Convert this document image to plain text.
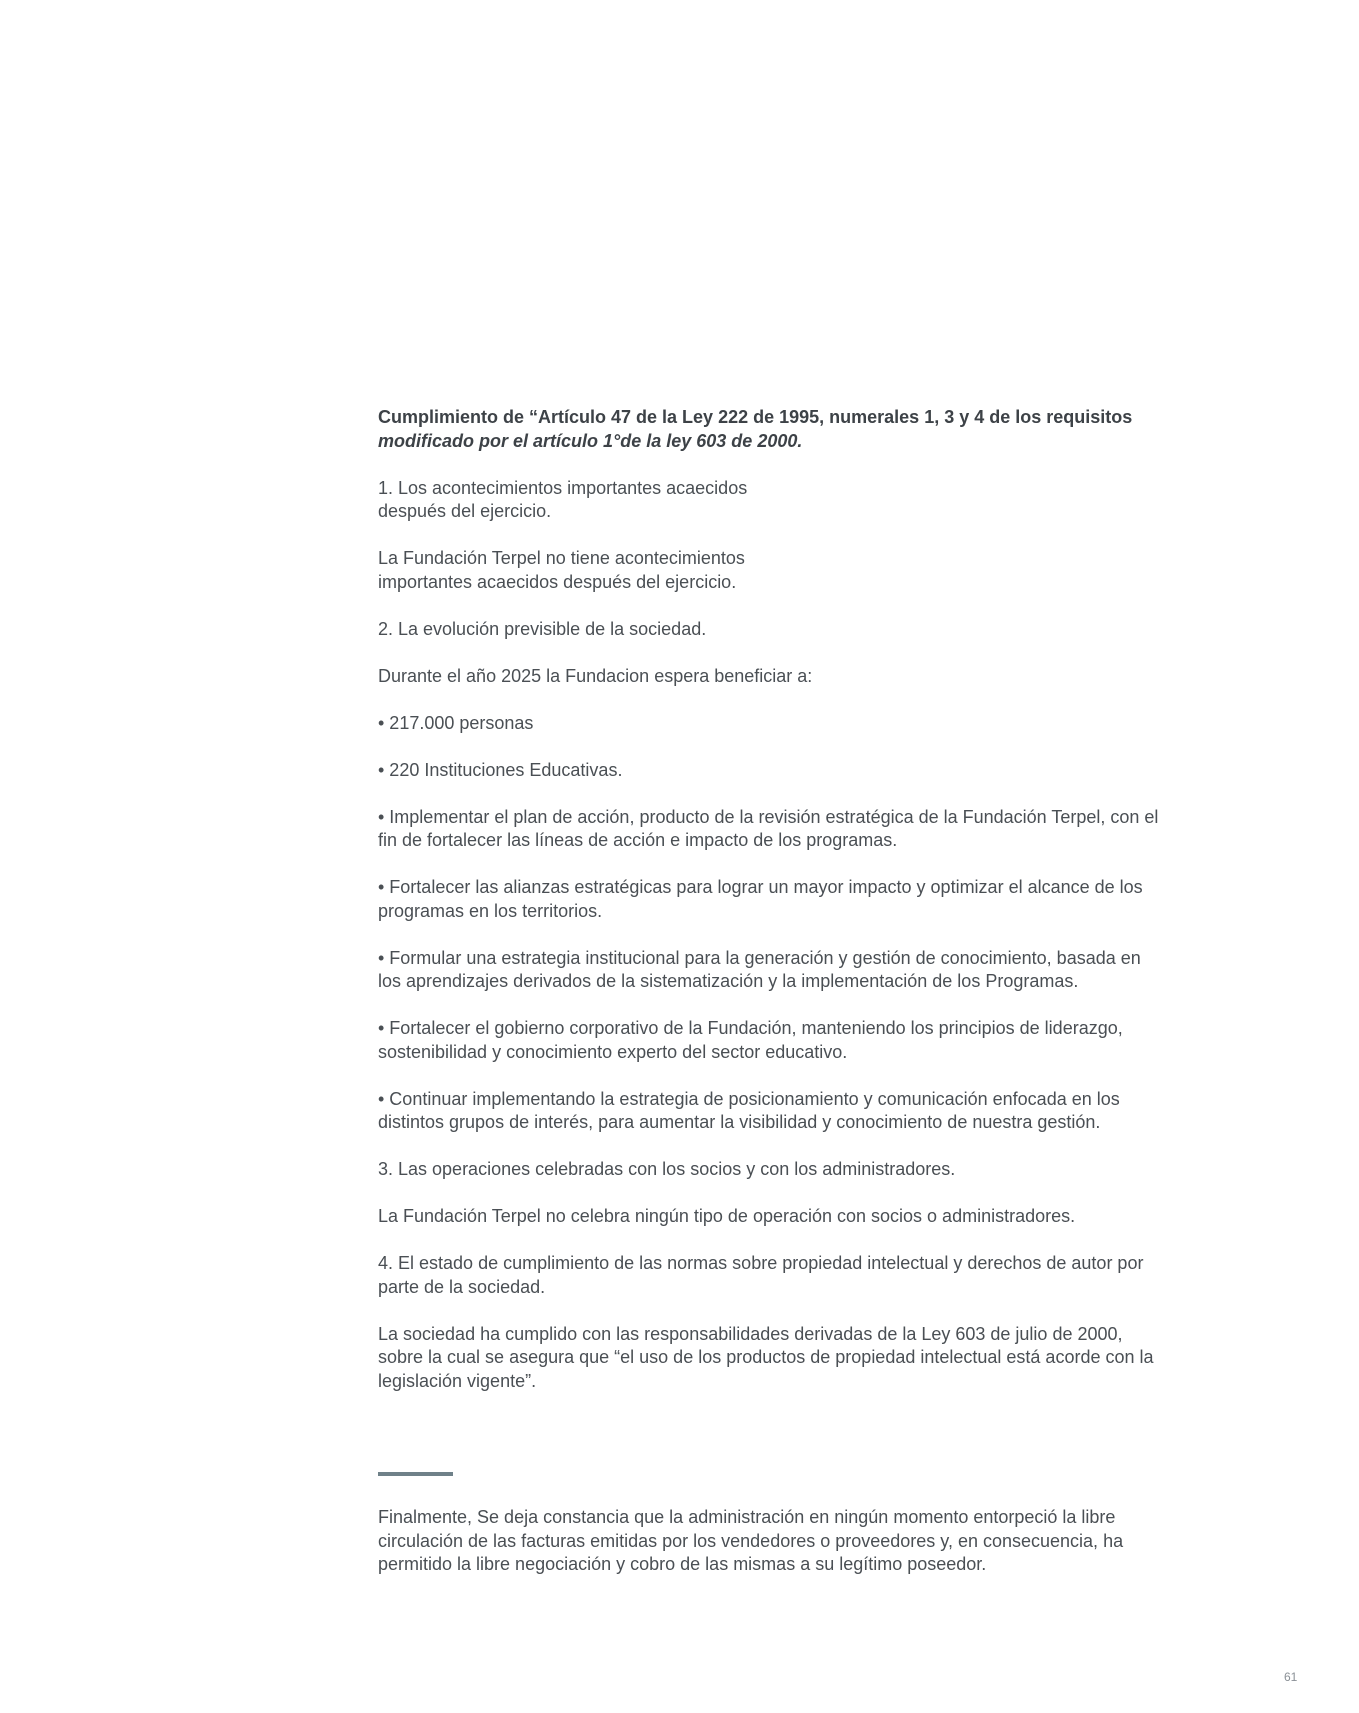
Cumplimiento de “Artículo 47 de la Ley 222 de 1995, numerales 1, 3 y 4 de los requisitos
modificado por el artículo 1°de la ley 603 de 2000.

1. Los acontecimientos importantes acaecidos después del ejercicio.

La Fundación Terpel no tiene acontecimientos importantes acaecidos después del ejercicio.

2. La evolución previsible de la sociedad.

Durante el año 2025 la Fundacion espera beneficiar a:

• 217.000 personas

• 220 Instituciones Educativas.

• Implementar el plan de acción, producto de la revisión estratégica de la Fundación Terpel, con el fin de fortalecer las líneas de acción e impacto de los programas.

• Fortalecer las alianzas estratégicas para lograr un mayor impacto y optimizar el alcance de los programas en los territorios.

• Formular una estrategia institucional para la generación y gestión de conocimiento, basada en los aprendizajes derivados de la sistematización y la implementación de los Programas.

• Fortalecer el gobierno corporativo de la Fundación, manteniendo los principios de liderazgo, sostenibilidad y conocimiento experto del sector educativo.

• Continuar implementando la estrategia de posicionamiento y comunicación enfocada en los distintos grupos de interés, para aumentar la visibilidad y conocimiento de nuestra gestión.

3. Las operaciones celebradas con los socios y con los administradores.

La Fundación Terpel no celebra ningún tipo de operación con socios o administradores.

4. El estado de cumplimiento de las normas sobre propiedad intelectual y derechos de autor por parte de la sociedad.

La sociedad ha cumplido con las responsabilidades derivadas de la Ley 603 de julio de 2000, sobre la cual se asegura que “el uso de los productos de propiedad intelectual está acorde con la legislación vigente”.

Finalmente, Se deja constancia que la administración en ningún momento entorpeció la libre circulación de las facturas emitidas por los vendedores o proveedores y, en consecuencia, ha permitido la libre negociación y cobro de las mismas a su legítimo poseedor.

61
